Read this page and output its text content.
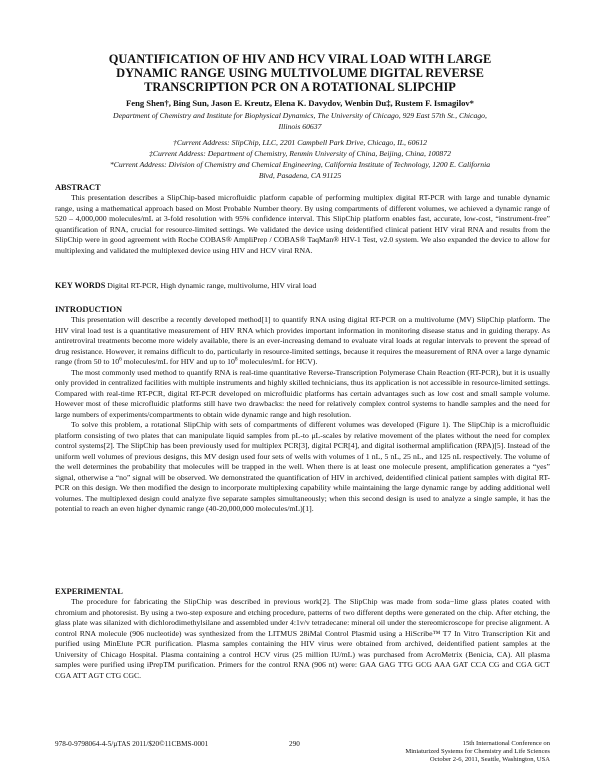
QUANTIFICATION OF HIV AND HCV VIRAL LOAD WITH LARGE
DYNAMIC RANGE USING MULTIVOLUME DIGITAL REVERSE
TRANSCRIPTION PCR ON A ROTATIONAL SLIPCHIP
Feng Shen†, Bing Sun, Jason E. Kreutz, Elena K. Davydov, Wenbin Du‡, Rustem F. Ismagilov*
Department of Chemistry and Institute for Biophysical Dynamics, The University of Chicago, 929 East 57th St., Chicago,
Illinois 60637
†Current Address: SlipChip, LLC, 2201 Campbell Park Drive, Chicago, IL, 60612
‡Current Address: Department of Chemistry, Renmin University of China, Beijing, China, 100872
*Current Address: Division of Chemistry and Chemical Engineering, California Institute of Technology, 1200 E. California
Blvd, Pasadena, CA 91125

ABSTRACT

This presentation describes a SlipChip-based microfluidic platform capable of performing multiplex digital RT-PCR with large and tunable dynamic range, using a mathematical approach based on Most Probable Number theory. By using compartments of different volumes, we achieved a dynamic range of 520 – 4,000,000 molecules/mL at 3-fold resolution with 95% confidence interval. This SlipChip platform enables fast, accurate, low-cost, “instrument-free” quantification of RNA, crucial for resource-limited settings. We validated the device using deidentified clinical patient HIV viral RNA and results from the SlipChip were in good agreement with Roche COBAS® AmpliPrep / COBAS® TaqMan® HIV-1 Test, v2.0 system. We also expanded the device to allow for multiplexing and validated the multiplexed device using HIV and HCV viral RNA.

KEY WORDS Digital RT-PCR, High dynamic range, multivolume, HIV viral load

INTRODUCTION

This presentation will describe a recently developed method[1] to quantify RNA using digital RT-PCR on a multivolume (MV) SlipChip platform. The HIV viral load test is a quantitative measurement of HIV RNA which provides important information in monitoring disease status and in guiding therapy. As antiretroviral treatments become more widely available, there is an ever-increasing demand to evaluate viral loads at regular intervals to prevent the spread of drug resistance. However, it remains difficult to do, particularly in resource-limited settings, because it requires the measurement of RNA over a large dynamic range (from 50 to $10^6$ molecules/mL for HIV and up to $10^8$ molecules/mL for HCV).

The most commonly used method to quantify RNA is real-time quantitative Reverse-Transcription Polymerase Chain Reaction (RT-PCR), but it is usually only provided in centralized facilities with multiple instruments and highly skilled technicians, thus its application is not accessible in resource-limited settings. Compared with real-time RT-PCR, digital RT-PCR developed on microfluidic platforms has certain advantages such as low cost and small sample volume. However most of these microfluidic platforms still have two drawbacks: the need for relatively complex control systems to handle samples and the need for large numbers of experiments/compartments to obtain wide dynamic range and high resolution.

To solve this problem, a rotational SlipChip with sets of compartments of different volumes was developed (Figure 1). The SlipChip is a microfluidic platform consisting of two plates that can manipulate liquid samples from pL-to μL-scales by relative movement of the plates without the need for complex control systems[2]. The SlipChip has been previously used for multiplex PCR[3], digital PCR[4], and digital isothermal amplification (RPA)[5]. Instead of the uniform well volumes of previous designs, this MV design used four sets of wells with volumes of 1 nL, 5 nL, 25 nL, and 125 nL respectively. The volume of the well determines the probability that molecules will be trapped in the well. When there is at least one molecule present, amplification generates a “yes” signal, otherwise a “no” signal will be observed. We demonstrated the quantification of HIV in archived, deidentified clinical patient samples with digital RT-PCR on this design. We then modified the design to incorporate multiplexing capability while maintaining the large dynamic range by adding additional well volumes. The multiplexed design could analyze five separate samples simultaneously; when this second design is used to analyze a single sample, it has the potential to reach an even higher dynamic range (40-20,000,000 molecules/mL)[1].

EXPERIMENTAL

The procedure for fabricating the SlipChip was described in previous work[2]. The SlipChip was made from soda−lime glass plates coated with chromium and photoresist. By using a two-step exposure and etching procedure, patterns of two different depths were generated on the chip. After etching, the glass plate was silanized with dichlorodimethylsilane and assembled under 4:1v/v tetradecane: mineral oil under the stereomicroscope for precise alignment. A control RNA molecule (906 nucleotide) was synthesized from the LITMUS 28iMal Control Plasmid using a HiScribe™ T7 In Vitro Transcription Kit and purified using MinElute PCR purification. Plasma samples containing the HIV virus were obtained from archived, deidentified patient samples at the University of Chicago Hospital. Plasma containing a control HCV virus (25 million IU/mL) was purchased from AcroMetrix (Benicia, CA). All plasma samples were purified using iPrepTM purification. Primers for the control RNA (906 nt) were: GAA GAG TTG GCG AAA GAT CCA CG and CGA GCT CGA ATT AGT CTG CGC.

978-0-9798064-4-5/µTAS 2011/$20©11CBMS-0001	290	15th International Conference on
Miniaturized Systems for Chemistry and Life Sciences
October 2-6, 2011, Seattle, Washington, USA
